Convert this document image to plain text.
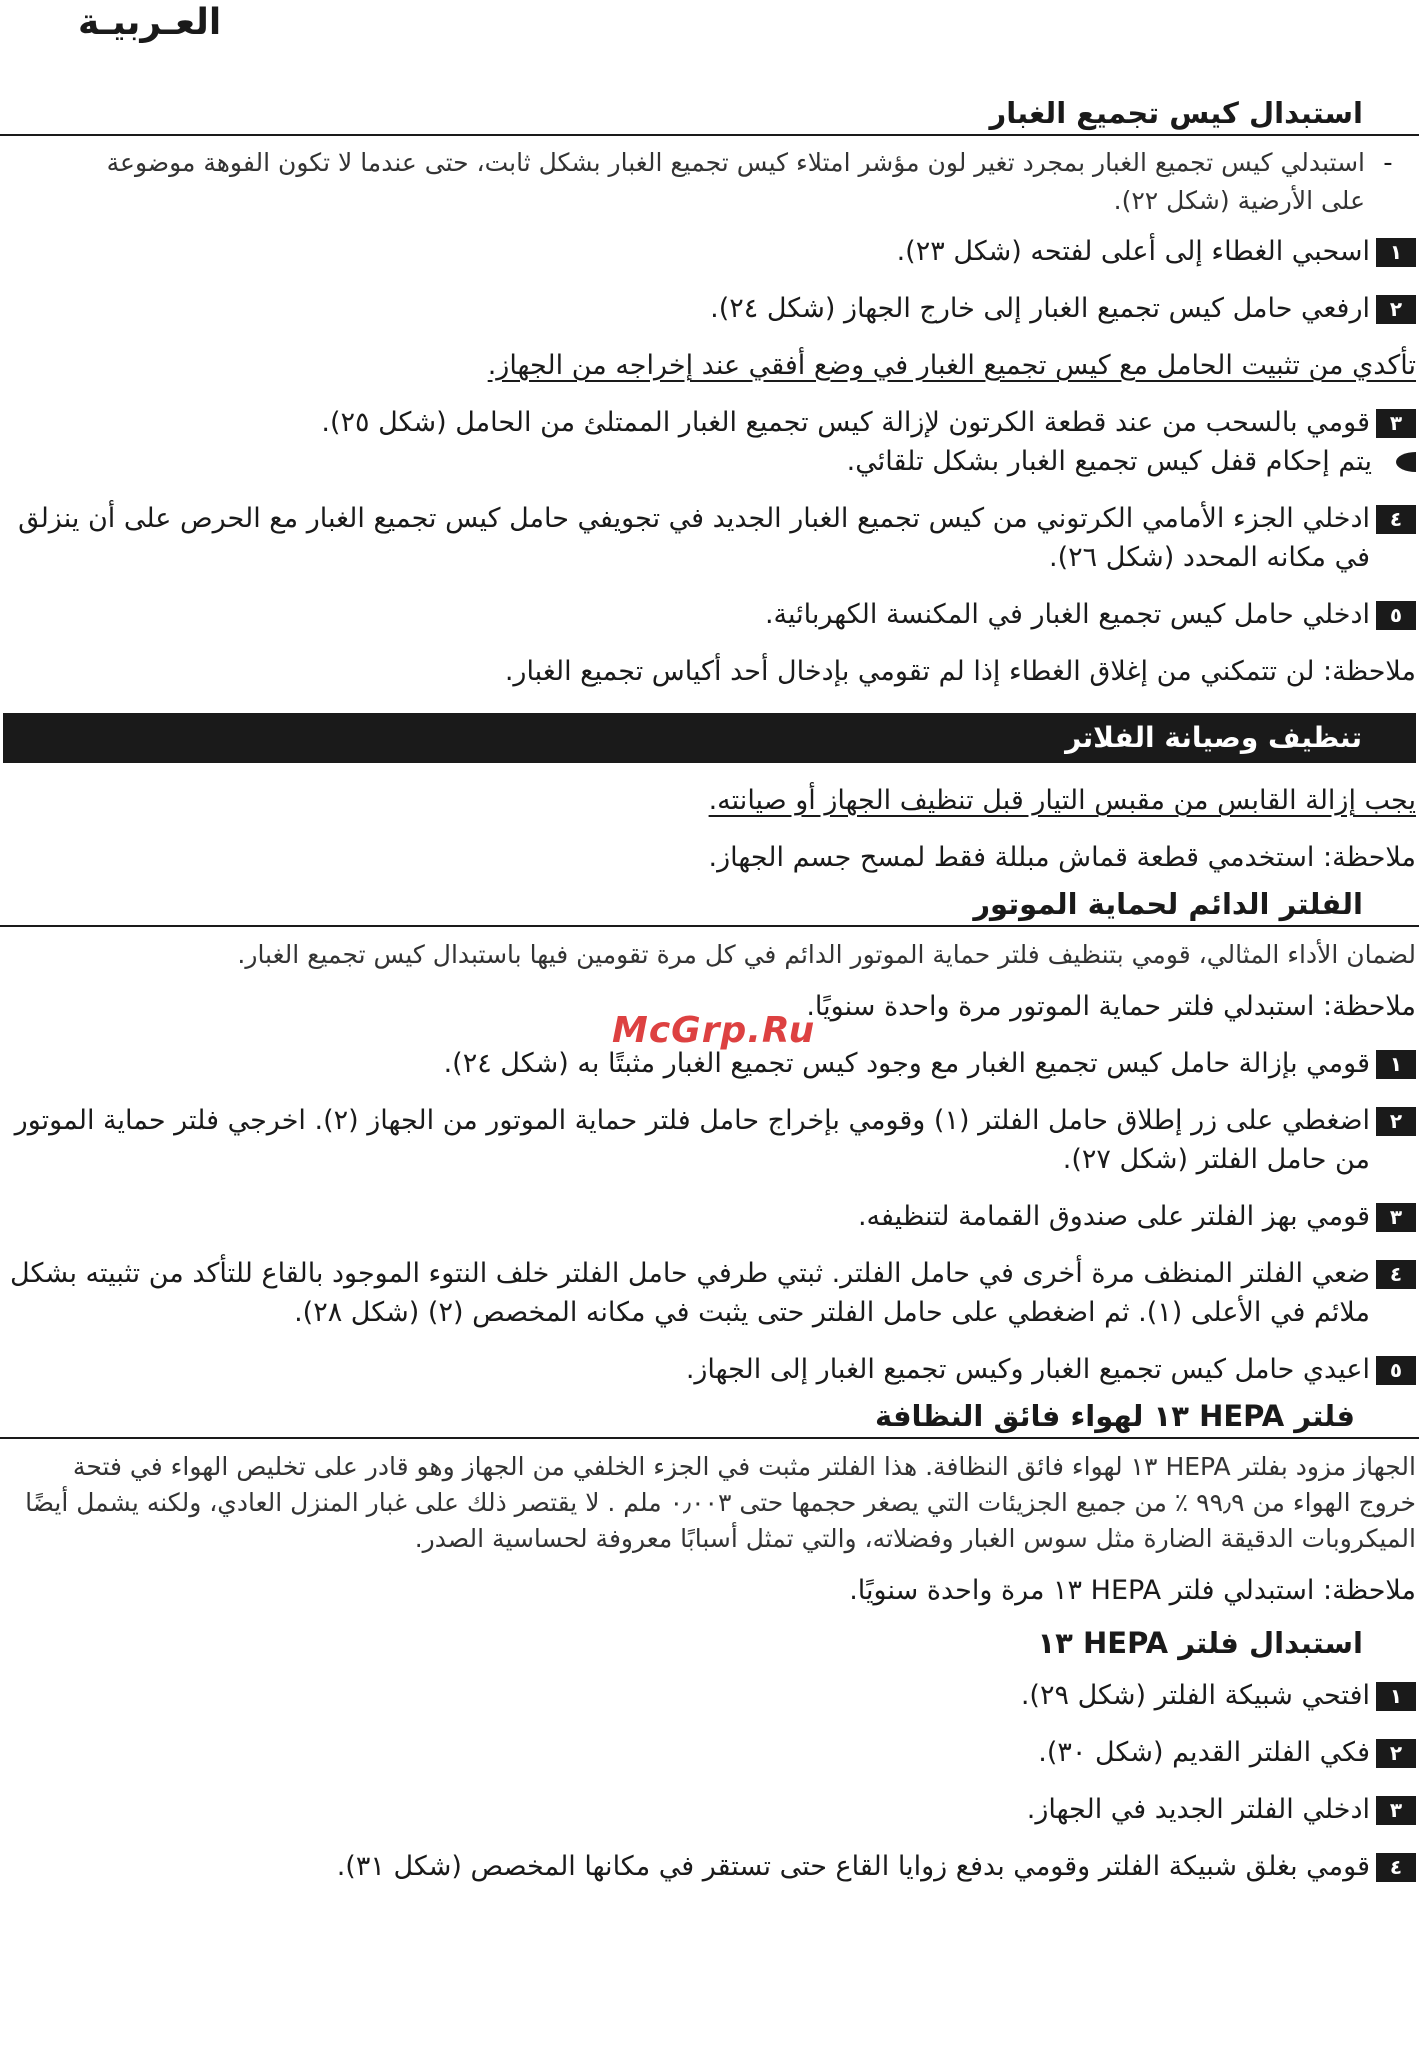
العـربيـة
استبدال كيس تجميع الغبار
-
استبدلي كيس تجميع الغبار بمجرد تغير لون مؤشر امتلاء كيس تجميع الغبار بشكل ثابت، حتى عندما لا تكون الفوهة موضوعة على الأرضية (شكل ٢٢).
١
اسحبي الغطاء إلى أعلى لفتحه (شكل ٢٣).
٢
ارفعي حامل كيس تجميع الغبار إلى خارج الجهاز (شكل ٢٤).
تأكدي من تثبيت الحامل مع كيس تجميع الغبار في وضع أفقي عند إخراجه من الجهاز.
٣
قومي بالسحب من عند قطعة الكرتون لإزالة كيس تجميع الغبار الممتلئ من الحامل (شكل ٢٥).
يتم إحكام قفل كيس تجميع الغبار بشكل تلقائي.
٤
ادخلي الجزء الأمامي الكرتوني من كيس تجميع الغبار الجديد في تجويفي حامل كيس تجميع الغبار مع الحرص على أن ينزلق في مكانه المحدد (شكل ٢٦).
٥
ادخلي حامل كيس تجميع الغبار في المكنسة الكهربائية.
ملاحظة: لن تتمكني من إغلاق الغطاء إذا لم تقومي بإدخال أحد أكياس تجميع الغبار.
تنظيف وصيانة الفلاتر
يجب إزالة القابس من مقبس التيار قبل تنظيف الجهاز أو صيانته.
ملاحظة: استخدمي قطعة قماش مبللة فقط لمسح جسم الجهاز.
الفلتر الدائم لحماية الموتور
لضمان الأداء المثالي، قومي بتنظيف فلتر حماية الموتور الدائم في كل مرة تقومين فيها باستبدال كيس تجميع الغبار.
ملاحظة: استبدلي فلتر حماية الموتور مرة واحدة سنويًا.
١
قومي بإزالة حامل كيس تجميع الغبار مع وجود كيس تجميع الغبار مثبتًا به (شكل ٢٤).
٢
اضغطي على زر إطلاق حامل الفلتر (١) وقومي بإخراج حامل فلتر حماية الموتور من الجهاز (٢). اخرجي فلتر حماية الموتور من حامل الفلتر (شكل ٢٧).
٣
قومي بهز الفلتر على صندوق القمامة لتنظيفه.
٤
ضعي الفلتر المنظف مرة أخرى في حامل الفلتر. ثبتي طرفي حامل الفلتر خلف النتوء الموجود بالقاع للتأكد من تثبيته بشكل ملائم في الأعلى (١). ثم اضغطي على حامل الفلتر حتى يثبت في مكانه المخصص (٢) (شكل ٢٨).
٥
اعيدي حامل كيس تجميع الغبار وكيس تجميع الغبار إلى الجهاز.
فلتر HEPA ١٣ لهواء فائق النظافة
الجهاز مزود بفلتر HEPA ١٣ لهواء فائق النظافة. هذا الفلتر مثبت في الجزء الخلفي من الجهاز وهو قادر على تخليص الهواء في فتحة خروج الهواء من ٩٩٫٩ ٪ من جميع الجزيئات التي يصغر حجمها حتى ٠٫٠٠٣ ملم . لا يقتصر ذلك على غبار المنزل العادي، ولكنه يشمل أيضًا الميكروبات الدقيقة الضارة مثل سوس الغبار وفضلاته، والتي تمثل أسبابًا معروفة لحساسية الصدر.
ملاحظة: استبدلي فلتر HEPA ١٣ مرة واحدة سنويًا.
استبدال فلتر HEPA ١٣
١
افتحي شبيكة الفلتر (شكل ٢٩).
٢
فكي الفلتر القديم (شكل ٣٠).
٣
ادخلي الفلتر الجديد في الجهاز.
٤
قومي بغلق شبيكة الفلتر وقومي بدفع زوايا القاع حتى تستقر في مكانها المخصص (شكل ٣١).
McGrp.Ru
